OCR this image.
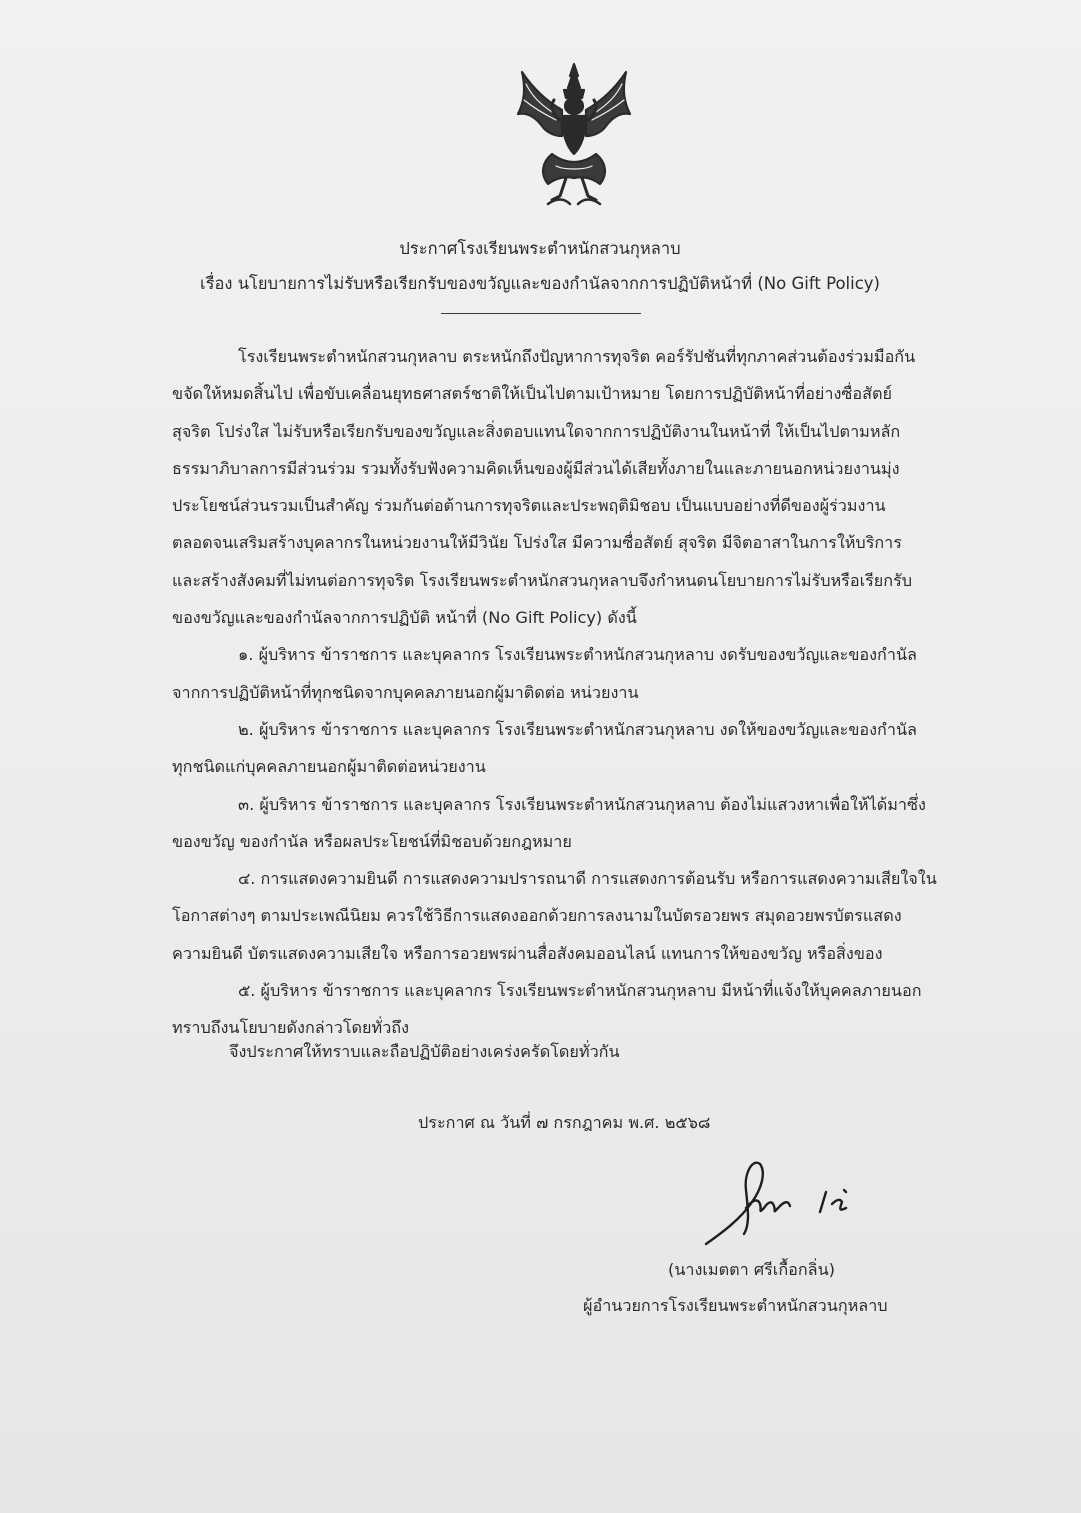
ประกาศโรงเรียนพระตำหนักสวนกุหลาบ
เรื่อง นโยบายการไม่รับหรือเรียกรับของขวัญและของกำนัลจากการปฏิบัติหน้าที่ (No Gift Policy)
โรงเรียนพระตำหนักสวนกุหลาบ ตระหนักถึงปัญหาการทุจริต คอร์รัปชันที่ทุกภาคส่วนต้องร่วมมือกัน
ขจัดให้หมดสิ้นไป เพื่อขับเคลื่อนยุทธศาสตร์ชาติให้เป็นไปตามเป้าหมาย โดยการปฏิบัติหน้าที่อย่างซื่อสัตย์
สุจริต โปร่งใส ไม่รับหรือเรียกรับของขวัญและสิ่งตอบแทนใดจากการปฏิบัติงานในหน้าที่ ให้เป็นไปตามหลัก
ธรรมาภิบาลการมีส่วนร่วม รวมทั้งรับฟังความคิดเห็นของผู้มีส่วนได้เสียทั้งภายในและภายนอกหน่วยงานมุ่ง
ประโยชน์ส่วนรวมเป็นสำคัญ ร่วมกันต่อต้านการทุจริตและประพฤติมิชอบ เป็นแบบอย่างที่ดีของผู้ร่วมงาน
ตลอดจนเสริมสร้างบุคลากรในหน่วยงานให้มีวินัย โปร่งใส มีความซื่อสัตย์ สุจริต มีจิตอาสาในการให้บริการ
และสร้างสังคมที่ไม่ทนต่อการทุจริต โรงเรียนพระตำหนักสวนกุหลาบจึงกำหนดนโยบายการไม่รับหรือเรียกรับ
ของขวัญและของกำนัลจากการปฏิบัติ หน้าที่ (No Gift Policy) ดังนี้
๑. ผู้บริหาร ข้าราชการ และบุคลากร โรงเรียนพระตำหนักสวนกุหลาบ งดรับของขวัญและของกำนัล
จากการปฏิบัติหน้าที่ทุกชนิดจากบุคคลภายนอกผู้มาติดต่อ หน่วยงาน
๒. ผู้บริหาร ข้าราชการ และบุคลากร โรงเรียนพระตำหนักสวนกุหลาบ งดให้ของขวัญและของกำนัล
ทุกชนิดแก่บุคคลภายนอกผู้มาติดต่อหน่วยงาน
๓. ผู้บริหาร ข้าราชการ และบุคลากร โรงเรียนพระตำหนักสวนกุหลาบ ต้องไม่แสวงหาเพื่อให้ได้มาซึ่ง
ของขวัญ ของกำนัล หรือผลประโยชน์ที่มิชอบด้วยกฎหมาย
๔. การแสดงความยินดี การแสดงความปรารถนาดี การแสดงการต้อนรับ หรือการแสดงความเสียใจใน
โอกาสต่างๆ ตามประเพณีนิยม ควรใช้วิธีการแสดงออกด้วยการลงนามในบัตรอวยพร สมุดอวยพรบัตรแสดง
ความยินดี บัตรแสดงความเสียใจ หรือการอวยพรผ่านสื่อสังคมออนไลน์ แทนการให้ของขวัญ หรือสิ่งของ
๕. ผู้บริหาร ข้าราชการ และบุคลากร โรงเรียนพระตำหนักสวนกุหลาบ มีหน้าที่แจ้งให้บุคคลภายนอก
ทราบถึงนโยบายดังกล่าวโดยทั่วถึง
จึงประกาศให้ทราบและถือปฏิบัติอย่างเคร่งครัดโดยทั่วกัน
ประกาศ ณ วันที่ ๗ กรกฎาคม พ.ศ. ๒๕๖๘
(นางเมตตา ศรีเกื้อกลิ่น)
ผู้อำนวยการโรงเรียนพระตำหนักสวนกุหลาบ
